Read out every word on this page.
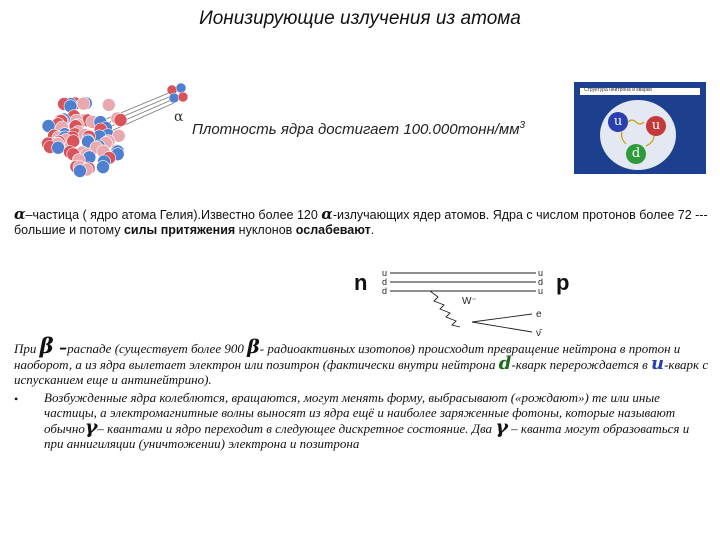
Ионизирующие излучения из атома
α
Плотность ядра достигает $100.000тонн/мм^3$
Структура нейтрона и кварки
u	u
d
α–частица ( ядро атома Гелия).Известно более 120 α-излучающих ядер атомов. Ядра с числом протонов более 72 ---большие и потому силы притяжения нуклонов ослабевают.
n	p
u
d
d
u
d
u
W⁻
e
ν̄
При β –распаде (существует более 900 β- радиоактивных изотопов) происходит превращение нейтрона в протон и наоборот, а из ядра вылетает электрон или позитрон (фактически внутри нейтрона d-кварк перерождается в u-кварк с испусканием еще и антинейтрино).
• Возбужденные ядра колеблются, вращаются, могут менять форму, выбрасывают («рождают») те или иные частицы, а электромагнитные волны выносят из ядра ещё и наиболее заряженные фотоны, которые называют обычноγ– квантами и ядро переходит в следующее дискретное состояние. Два γ – кванта могут образоваться и при аннигиляции (уничтожении) электрона и позитрона
